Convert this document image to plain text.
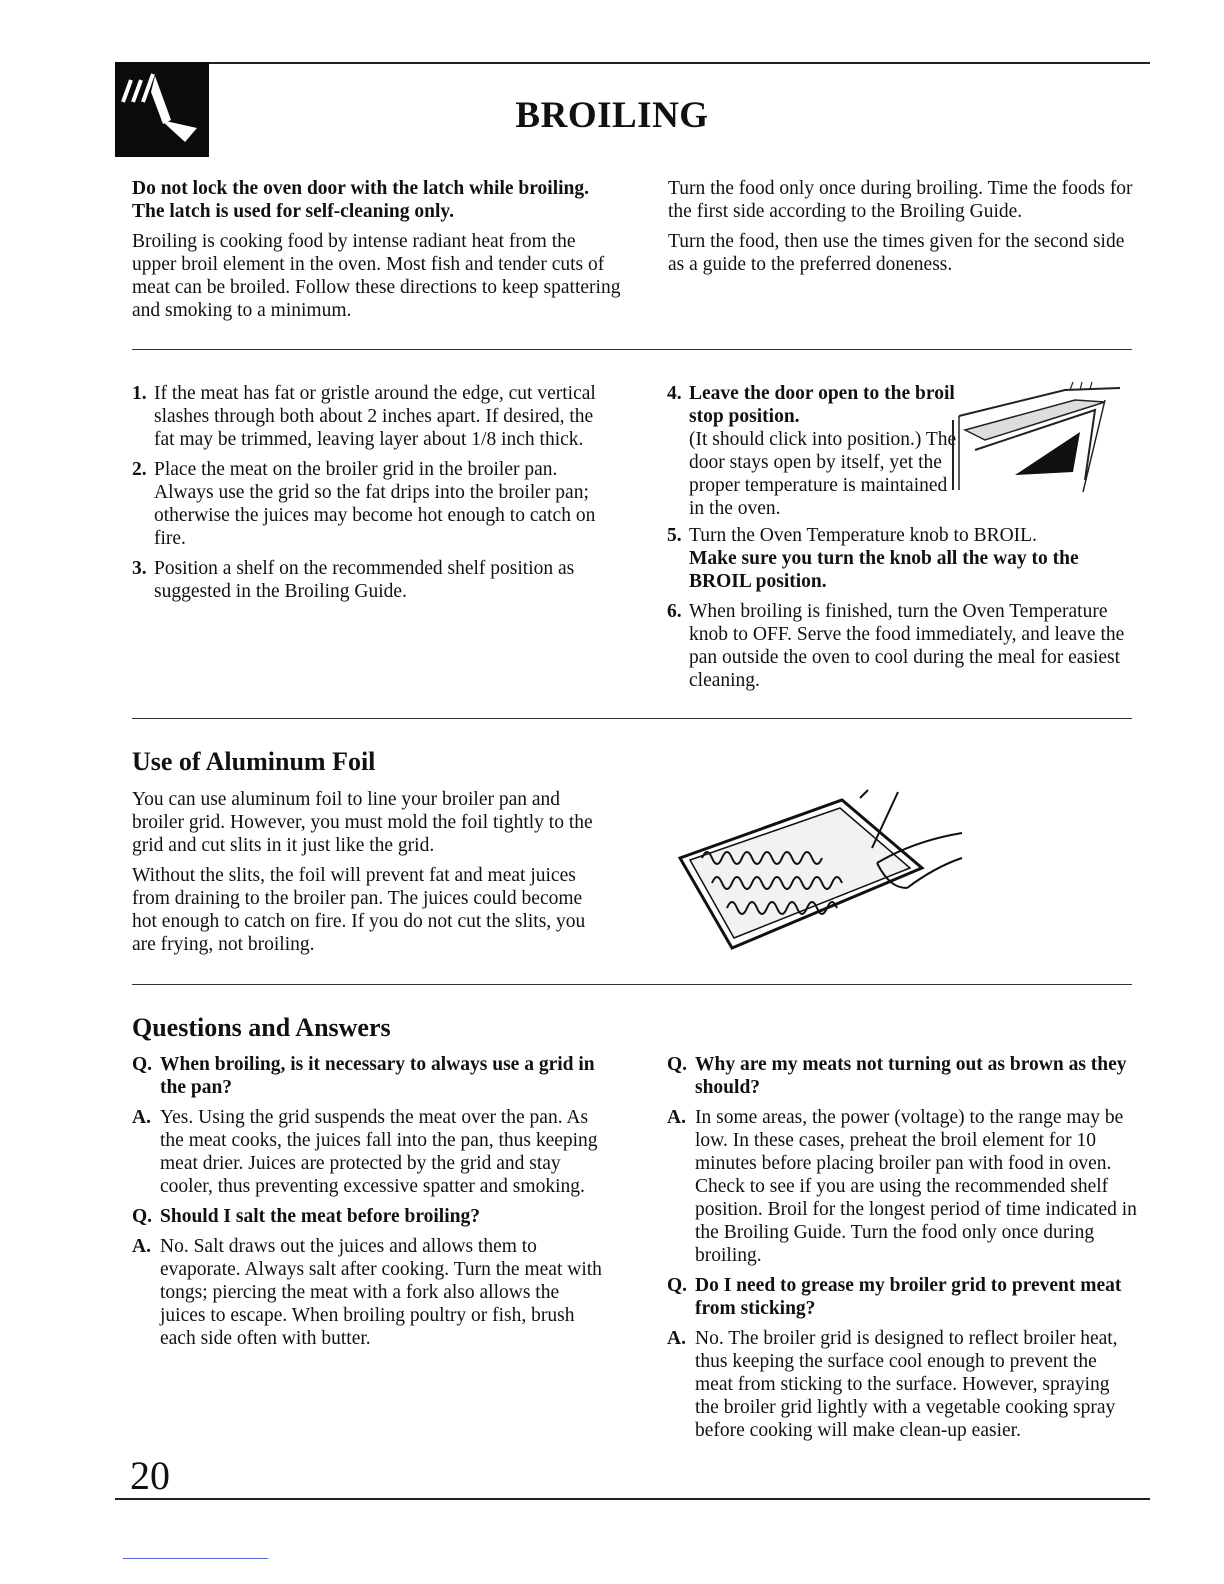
BROILING

Do not lock the oven door with the latch while broiling. The latch is used for self-cleaning only.

Broiling is cooking food by intense radiant heat from the upper broil element in the oven. Most fish and tender cuts of meat can be broiled. Follow these directions to keep spattering and smoking to a minimum.

Turn the food only once during broiling. Time the foods for the first side according to the Broiling Guide.

Turn the food, then use the times given for the second side as a guide to the preferred doneness.

1. If the meat has fat or gristle around the edge, cut vertical slashes through both about 2 inches apart. If desired, the fat may be trimmed, leaving layer about 1/8 inch thick.
2. Place the meat on the broiler grid in the broiler pan. Always use the grid so the fat drips into the broiler pan; otherwise the juices may become hot enough to catch on fire.
3. Position a shelf on the recommended shelf position as suggested in the Broiling Guide.
4. Leave the door open to the broil stop position.
(It should click into position.) The door stays open by itself, yet the proper temperature is maintained in the oven.
5. Turn the Oven Temperature knob to BROIL.
Make sure you turn the knob all the way to the BROIL position.
6. When broiling is finished, turn the Oven Temperature knob to OFF. Serve the food immediately, and leave the pan outside the oven to cool during the meal for easiest cleaning.
Use of Aluminum Foil

You can use aluminum foil to line your broiler pan and broiler grid. However, you must mold the foil tightly to the grid and cut slits in it just like the grid.

Without the slits, the foil will prevent fat and meat juices from draining to the broiler pan. The juices could become hot enough to catch on fire. If you do not cut the slits, you are frying, not broiling.

Questions and Answers
Q. When broiling, is it necessary to always use a grid in the pan?
A. Yes. Using the grid suspends the meat over the pan. As the meat cooks, the juices fall into the pan, thus keeping meat drier. Juices are protected by the grid and stay cooler, thus preventing excessive spatter and smoking.
Q. Should I salt the meat before broiling?
A. No. Salt draws out the juices and allows them to evaporate. Always salt after cooking. Turn the meat with tongs; piercing the meat with a fork also allows the juices to escape. When broiling poultry or fish, brush each side often with butter.
Q. Why are my meats not turning out as brown as they should?
A. In some areas, the power (voltage) to the range may be low. In these cases, preheat the broil element for 10 minutes before placing broiler pan with food in oven. Check to see if you are using the recommended shelf position. Broil for the longest period of time indicated in the Broiling Guide. Turn the food only once during broiling.
Q. Do I need to grease my broiler grid to prevent meat from sticking?
A. No. The broiler grid is designed to reflect broiler heat, thus keeping the surface cool enough to prevent the meat from sticking to the surface. However, spraying the broiler grid lightly with a vegetable cooking spray before cooking will make clean-up easier.
20
